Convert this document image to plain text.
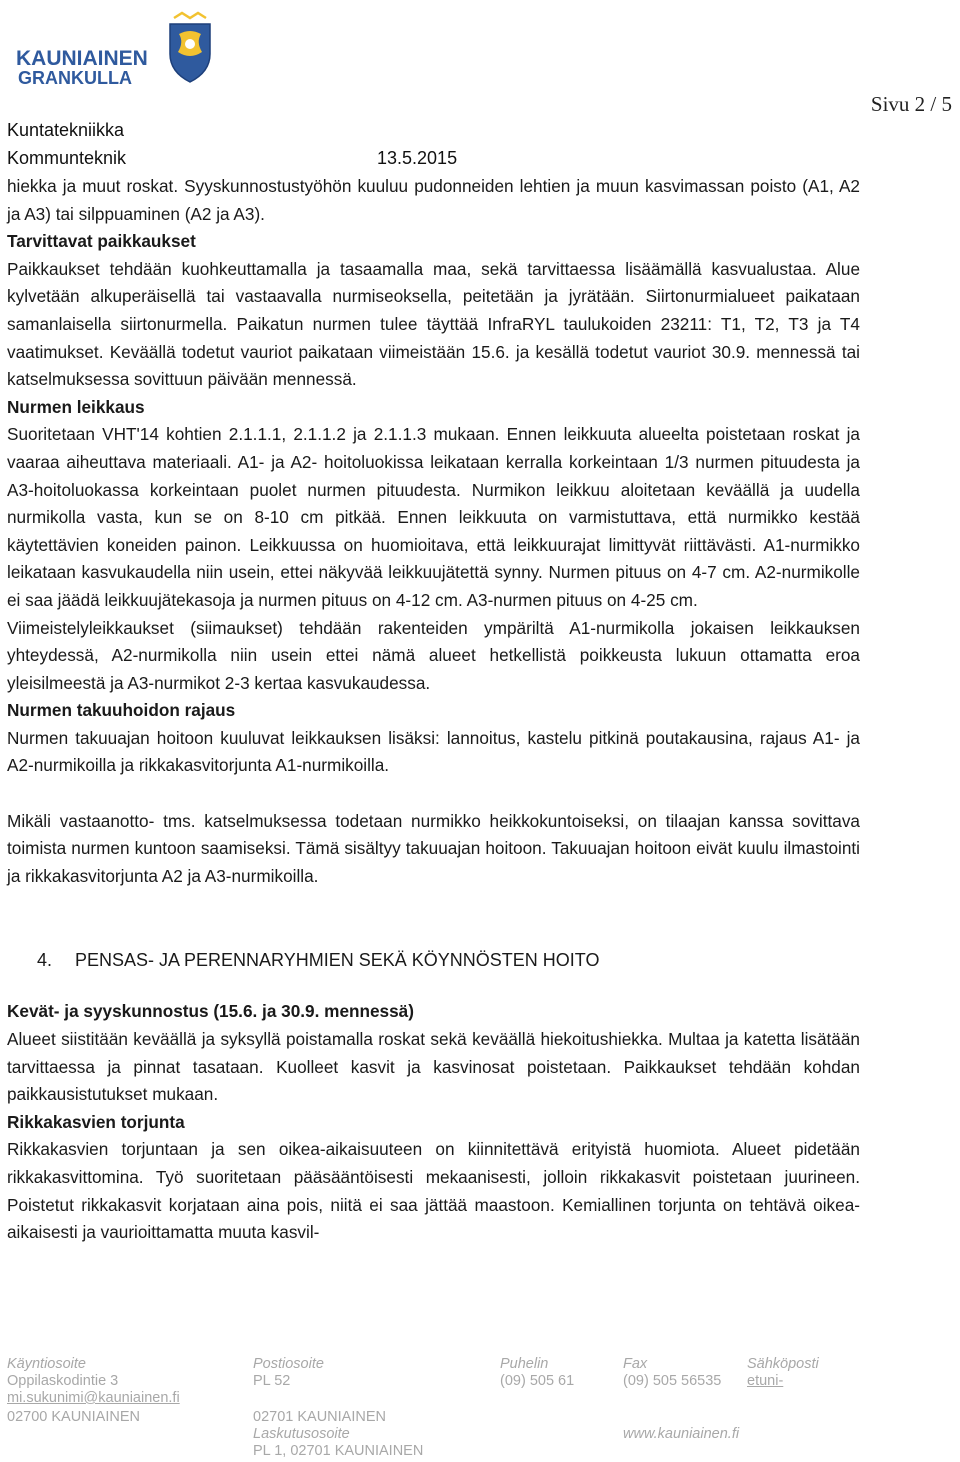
KAUNIAINEN
GRANKULLA
Sivu 2 / 5
Kuntatekniikka
Kommunteknik	13.5.2015

hiekka ja muut roskat. Syyskunnostustyöhön kuuluu pudonneiden lehtien ja muun kasvimassan poisto (A1, A2 ja A3) tai silppuaminen (A2 ja A3).

Tarvittavat paikkaukset

Paikkaukset tehdään kuohkeuttamalla ja tasaamalla maa, sekä tarvittaessa lisäämällä kasvualustaa. Alue kylvetään alkuperäisellä tai vastaavalla nurmiseoksella, peitetään ja jyrätään. Siirtonurmialueet paikataan samanlaisella siirtonurmella. Paikatun nurmen tulee täyttää InfraRYL taulukoiden 23211: T1, T2, T3 ja T4 vaatimukset. Keväällä todetut vauriot paikataan viimeistään 15.6. ja kesällä todetut vauriot 30.9. mennessä tai katselmuksessa sovittuun päivään mennessä.

Nurmen leikkaus

Suoritetaan VHT'14 kohtien 2.1.1.1, 2.1.1.2 ja 2.1.1.3 mukaan. Ennen leikkuuta alueelta poistetaan roskat ja vaaraa aiheuttava materiaali. A1- ja A2- hoitoluokissa leikataan kerralla korkeintaan 1/3 nurmen pituudesta ja A3-hoitoluokassa korkeintaan puolet nurmen pituudesta. Nurmikon leikkuu aloitetaan keväällä ja uudella nurmikolla vasta, kun se on 8-10 cm pitkää. Ennen leikkuuta on varmistuttava, että nurmikko kestää käytettävien koneiden painon. Leikkuussa on huomioitava, että leikkuurajat limittyvät riittävästi. A1-nurmikko leikataan kasvukaudella niin usein, ettei näkyvää leikkuujätettä synny. Nurmen pituus on 4-7 cm. A2-nurmikolle ei saa jäädä leikkuujätekasoja ja nurmen pituus on 4-12 cm. A3-nurmen pituus on 4-25 cm.

Viimeistelyleikkaukset (siimaukset) tehdään rakenteiden ympäriltä A1-nurmikolla jokaisen leikkauksen yhteydessä, A2-nurmikolla niin usein ettei nämä alueet hetkellistä poikkeusta lukuun ottamatta eroa yleisilmeestä ja A3-nurmikot 2-3 kertaa kasvukaudessa.

Nurmen takuuhoidon rajaus

Nurmen takuuajan hoitoon kuuluvat leikkauksen lisäksi: lannoitus, kastelu pitkinä poutakausina, rajaus A1- ja A2-nurmikoilla ja rikkakasvitorjunta A1-nurmikoilla.

Mikäli vastaanotto- tms. katselmuksessa todetaan nurmikko heikkokuntoiseksi, on tilaajan kanssa sovittava toimista nurmen kuntoon saamiseksi. Tämä sisältyy takuuajan hoitoon. Takuuajan hoitoon eivät kuulu ilmastointi ja rikkakasvitorjunta A2 ja A3-nurmikoilla.

4. PENSAS- JA PERENNARYHMIEN SEKÄ KÖYNNÖSTEN HOITO
Kevät- ja syyskunnostus (15.6. ja 30.9. mennessä)

Alueet siistitään keväällä ja syksyllä poistamalla roskat sekä keväällä hiekoitushiekka. Multaa ja katetta lisätään tarvittaessa ja pinnat tasataan. Kuolleet kasvit ja kasvinosat poistetaan. Paikkaukset tehdään kohdan paikkausistutukset mukaan.

Rikkakasvien torjunta

Rikkakasvien torjuntaan ja sen oikea-aikaisuuteen on kiinnitettävä erityistä huomiota. Alueet pidetään rikkakasvittomina. Työ suoritetaan pääsääntöisesti mekaanisesti, jolloin rikkakasvit poistetaan juurineen. Poistetut rikkakasvit korjataan aina pois, niitä ei saa jättää maastoon. Kemiallinen torjunta on tehtävä oikea-aikaisesti ja vaurioittamatta muuta kasvil-

Käyntiosoite
Oppilaskodintie 3
mi.sukunimi@kauniainen.fi
02700 KAUNIAINEN
Postiosoite
PL 52
02701 KAUNIAINEN
Laskutusosoite
PL 1, 02701 KAUNIAINEN
Puhelin
(09) 505 61
Fax
(09) 505 56535
www.kauniainen.fi
Sähköposti
etuni-
